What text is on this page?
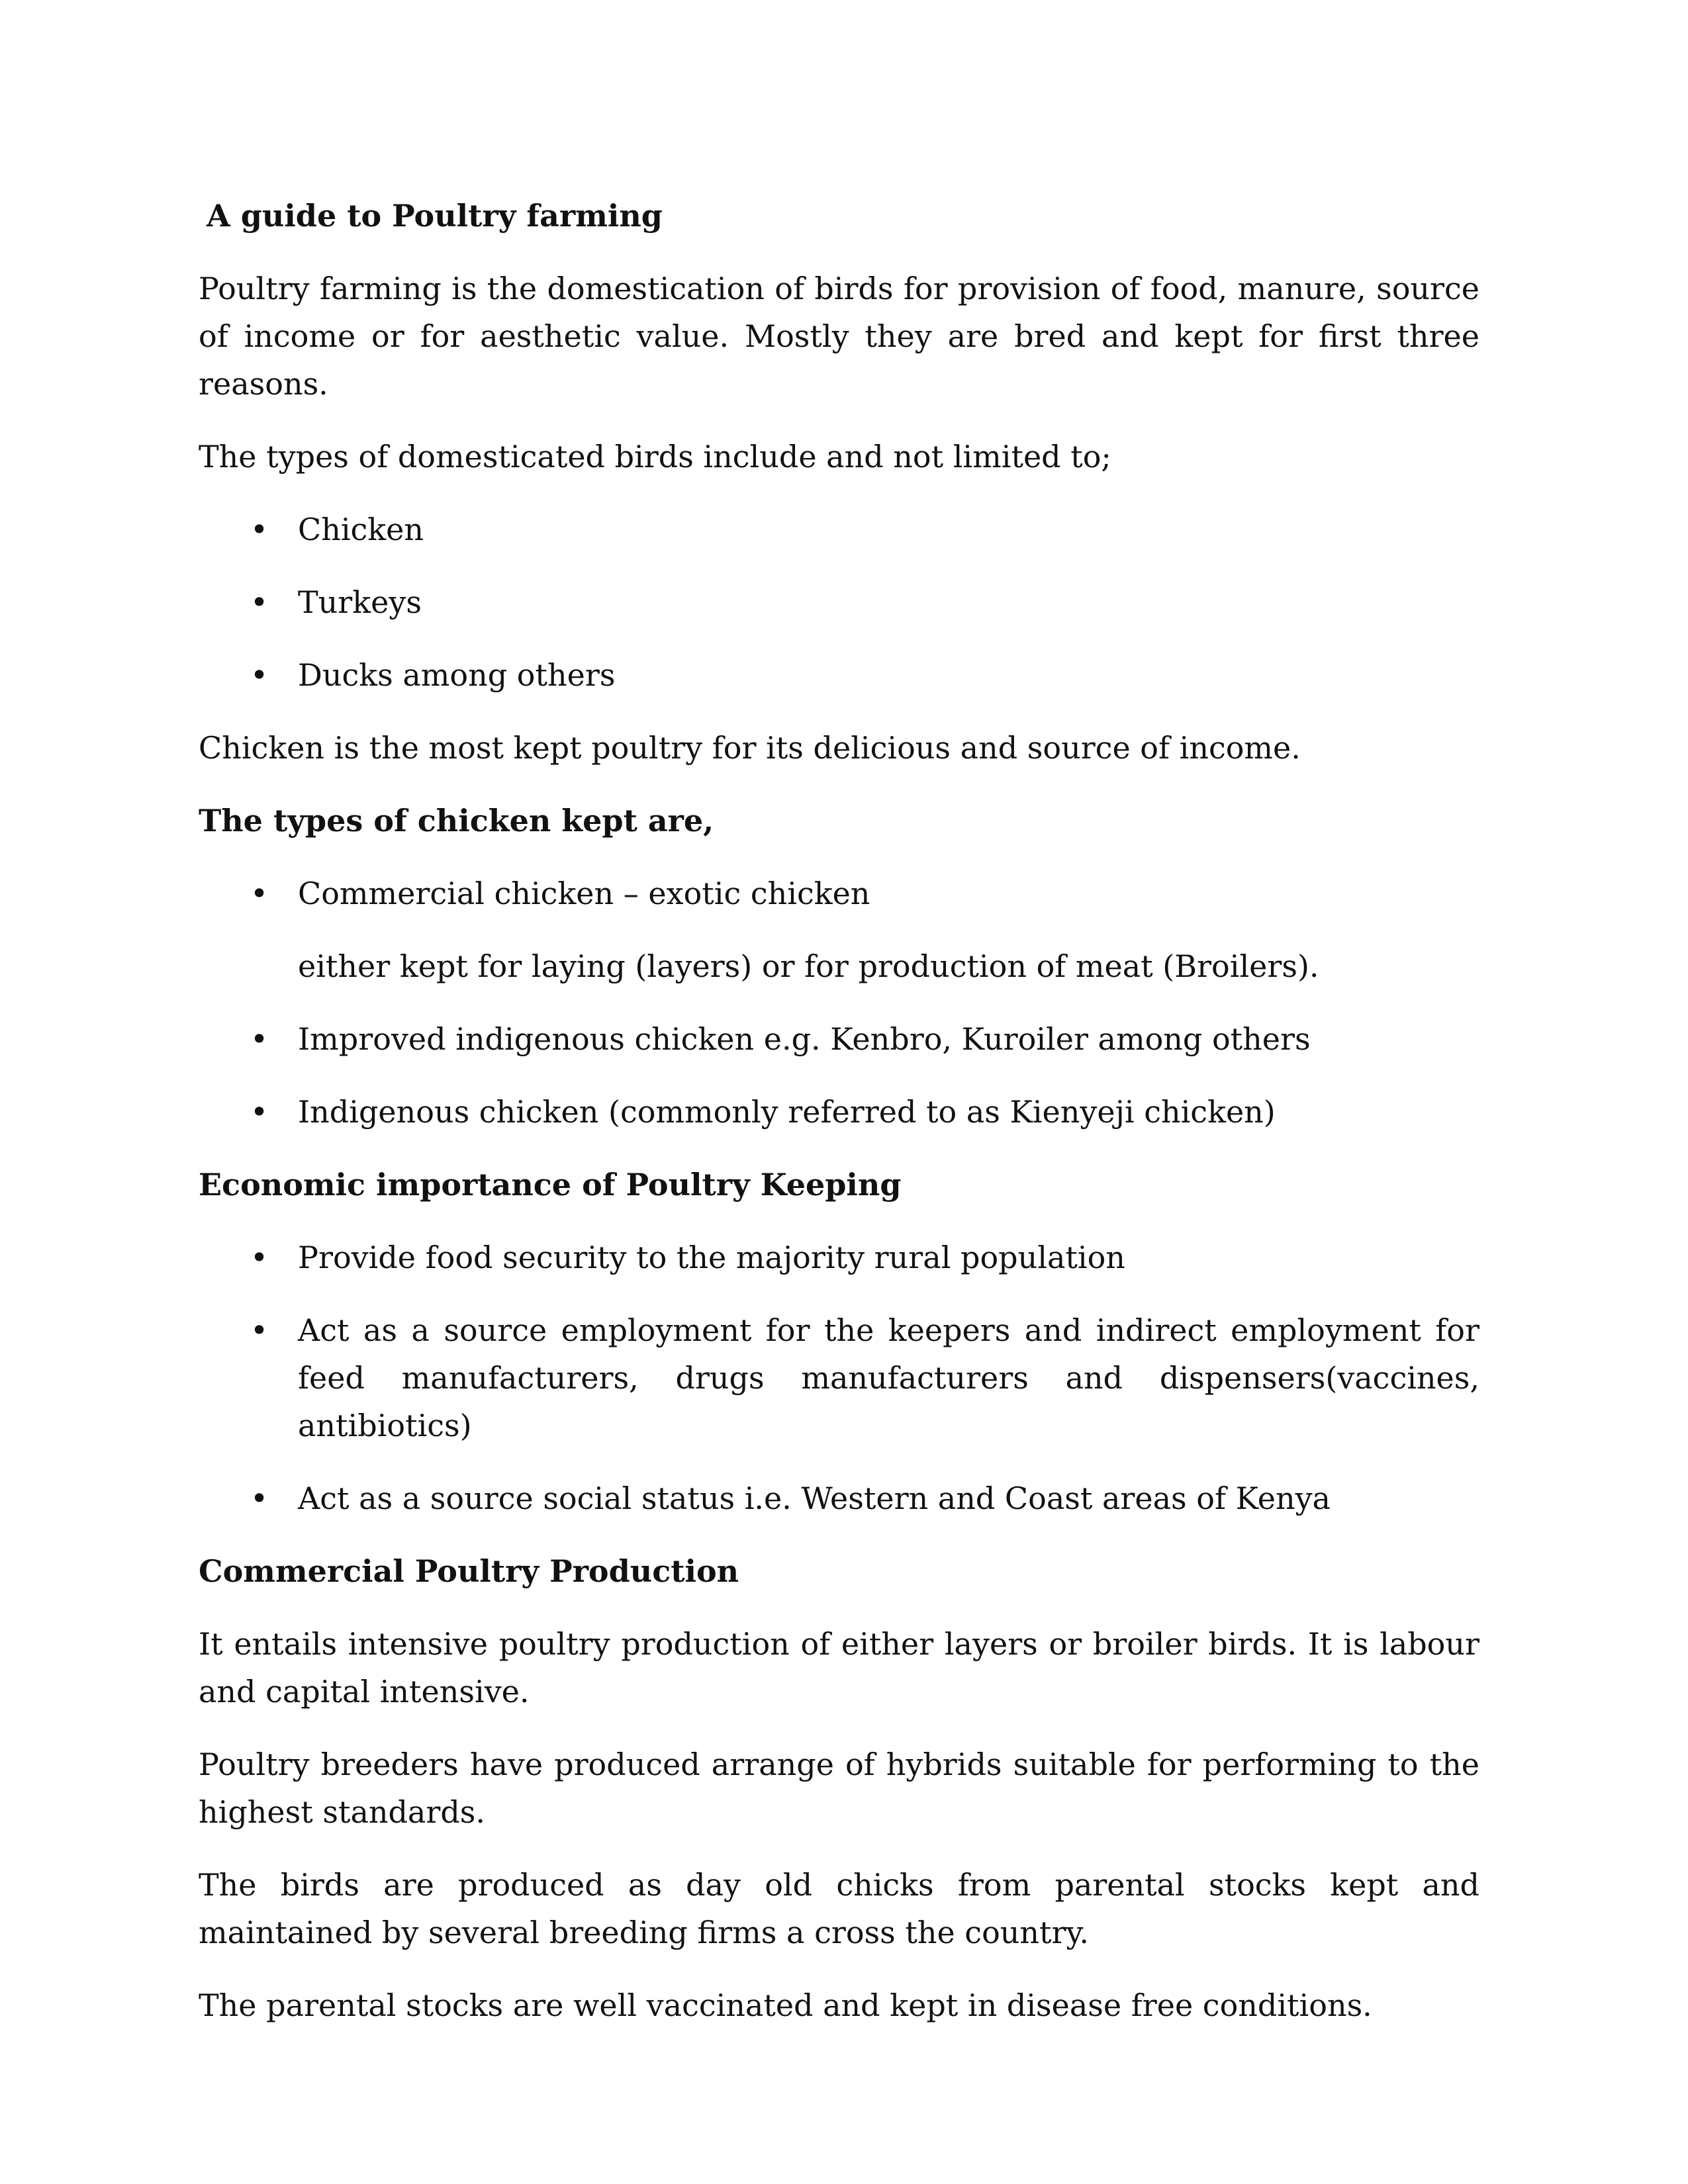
A guide to Poultry farming

Poultry farming is the domestication of birds for provision of food, manure, source of income or for aesthetic value. Mostly they are bred and kept for first three reasons.

The types of domesticated birds include and not limited to;

• Chicken
• Turkeys
• Ducks among others

Chicken is the most kept poultry for its delicious and source of income.

The types of chicken kept are,
• Commercial chicken – exotic chicken

either kept for laying (layers) or for production of meat (Broilers).

• Improved indigenous chicken e.g. Kenbro, Kuroiler among others
• Indigenous chicken (commonly referred to as Kienyeji chicken)
Economic importance of Poultry Keeping
• Provide food security to the majority rural population
• Act as a source employment for the keepers and indirect employment for feed manufacturers, drugs manufacturers and dispensers(vaccines, antibiotics)
• Act as a source social status i.e. Western and Coast areas of Kenya
Commercial Poultry Production

It entails intensive poultry production of either layers or broiler birds. It is labour and capital intensive.

Poultry breeders have produced arrange of hybrids suitable for performing to the highest standards.

The birds are produced as day old chicks from parental stocks kept and maintained by several breeding firms a cross the country.

The parental stocks are well vaccinated and kept in disease free conditions.
